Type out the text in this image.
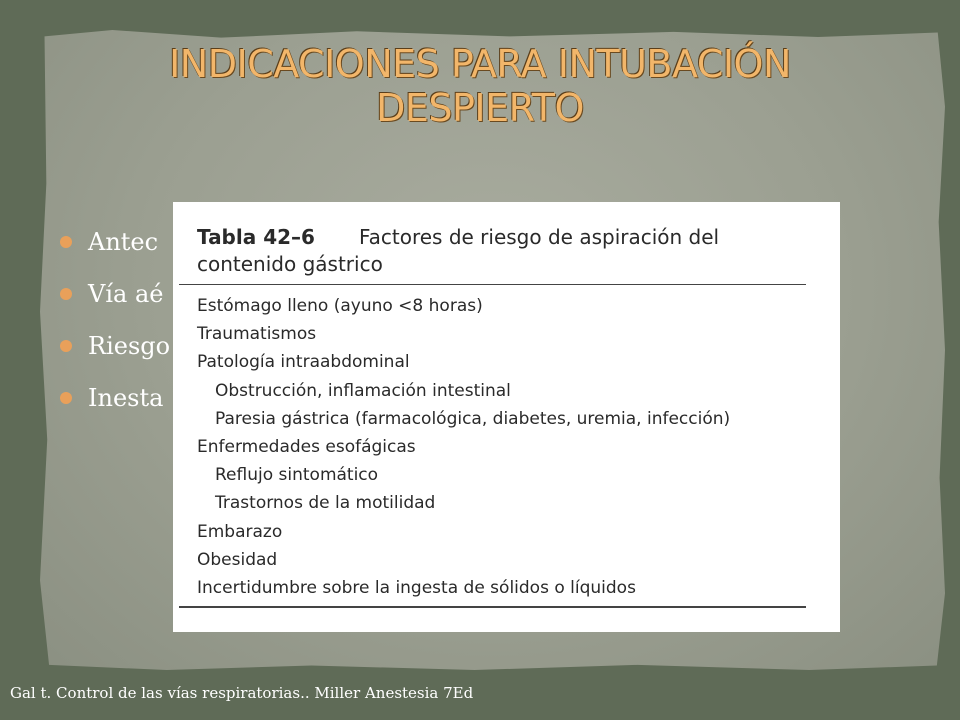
INDICACIONES PARA INTUBACIÓN DESPIERTO
Antec
Vía aé
Riesgo
Inesta
Tabla 42–6 Factores de riesgo de aspiración del
contenido gástrico
Estómago lleno (ayuno <8 horas)
Traumatismos
Patología intraabdominal
Obstrucción, inflamación intestinal
Paresia gástrica (farmacológica, diabetes, uremia, infección)
Enfermedades esofágicas
Reflujo sintomático
Trastornos de la motilidad
Embarazo
Obesidad
Incertidumbre sobre la ingesta de sólidos o líquidos
Gal t. Control de las vías respiratorias.. Miller Anestesia 7Ed
